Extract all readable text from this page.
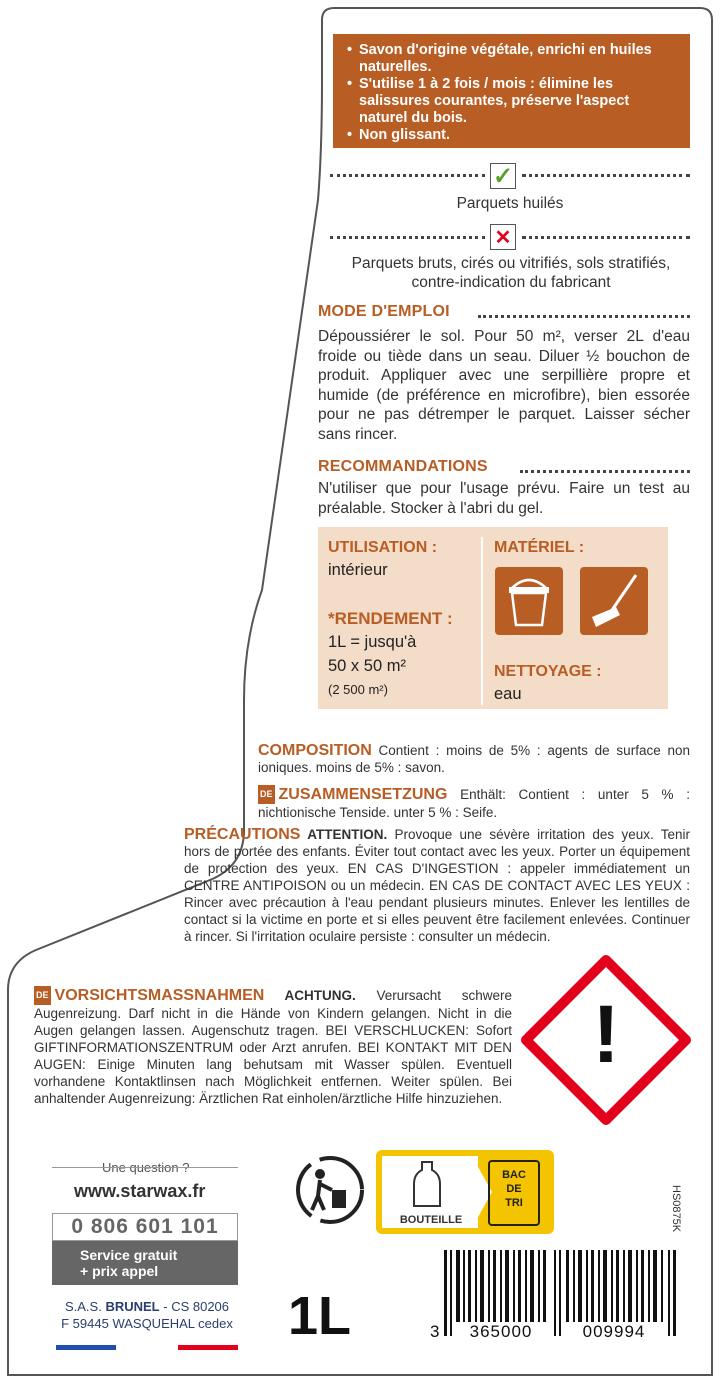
• Savon d'origine végétale, enrichi en huiles naturelles.
• S'utilise 1 à 2 fois / mois : élimine les salissures courantes, préserve l'aspect naturel du bois.
• Non glissant.
✓
Parquets huilés
✕
Parquets bruts, cirés ou vitrifiés, sols stratifiés, contre-indication du fabricant
MODE D'EMPLOI
Dépoussiérer le sol. Pour 50 m², verser 2L d'eau froide ou tiède dans un seau. Diluer ½ bouchon de produit. Appliquer avec une serpillière propre et humide (de préférence en microfibre), bien essorée pour ne pas détremper le parquet. Laisser sécher sans rincer.
RECOMMANDATIONS
N'utiliser que pour l'usage prévu. Faire un test au préalable. Stocker à l'abri du gel.
UTILISATION :
intérieur
*RENDEMENT :
1L = jusqu'à
50 x 50 m²
(2 500 m²)
MATÉRIEL :
NETTOYAGE :
eau
COMPOSITION Contient : moins de 5% : agents de surface non ioniques. moins de 5% : savon.
DE ZUSAMMENSETZUNG Enthält: Contient : unter 5 % : nichtionische Tenside. unter 5 % : Seife.
PRÉCAUTIONS ATTENTION. Provoque une sévère irritation des yeux. Tenir hors de portée des enfants. Éviter tout contact avec les yeux. Porter un équipement de protection des yeux. EN CAS D'INGESTION : appeler immédiatement un CENTRE ANTIPOISON ou un médecin. EN CAS DE CONTACT AVEC LES YEUX : Rincer avec précaution à l'eau pendant plusieurs minutes. Enlever les lentilles de contact si la victime en porte et si elles peuvent être facilement enlevées. Continuer à rincer. Si l'irritation oculaire persiste : consulter un médecin.
DE VORSICHTSMASSNAHMEN ACHTUNG. Verursacht schwere Augenreizung. Darf nicht in die Hände von Kindern gelangen. Nicht in die Augen gelangen lassen. Augenschutz tragen. BEI VERSCHLUCKEN: Sofort GIFTINFORMATIONSZENTRUM oder Arzt anrufen. BEI KONTAKT MIT DEN AUGEN: Einige Minuten lang behutsam mit Wasser spülen. Eventuell vorhandene Kontaktlinsen nach Möglichkeit entfernen. Weiter spülen. Bei anhaltender Augenreizung: Ärztlichen Rat einholen/ärztliche Hilfe hinzuziehen.
!
Une question ?
www.starwax.fr
0 806 601 101
Service gratuit
+ prix appel
S.A.S. BRUNEL - CS 80206
F 59445 WASQUEHAL cedex
BOUTEILLE
BAC
DE
TRI	HS0875K
1L	3	365000	009994
